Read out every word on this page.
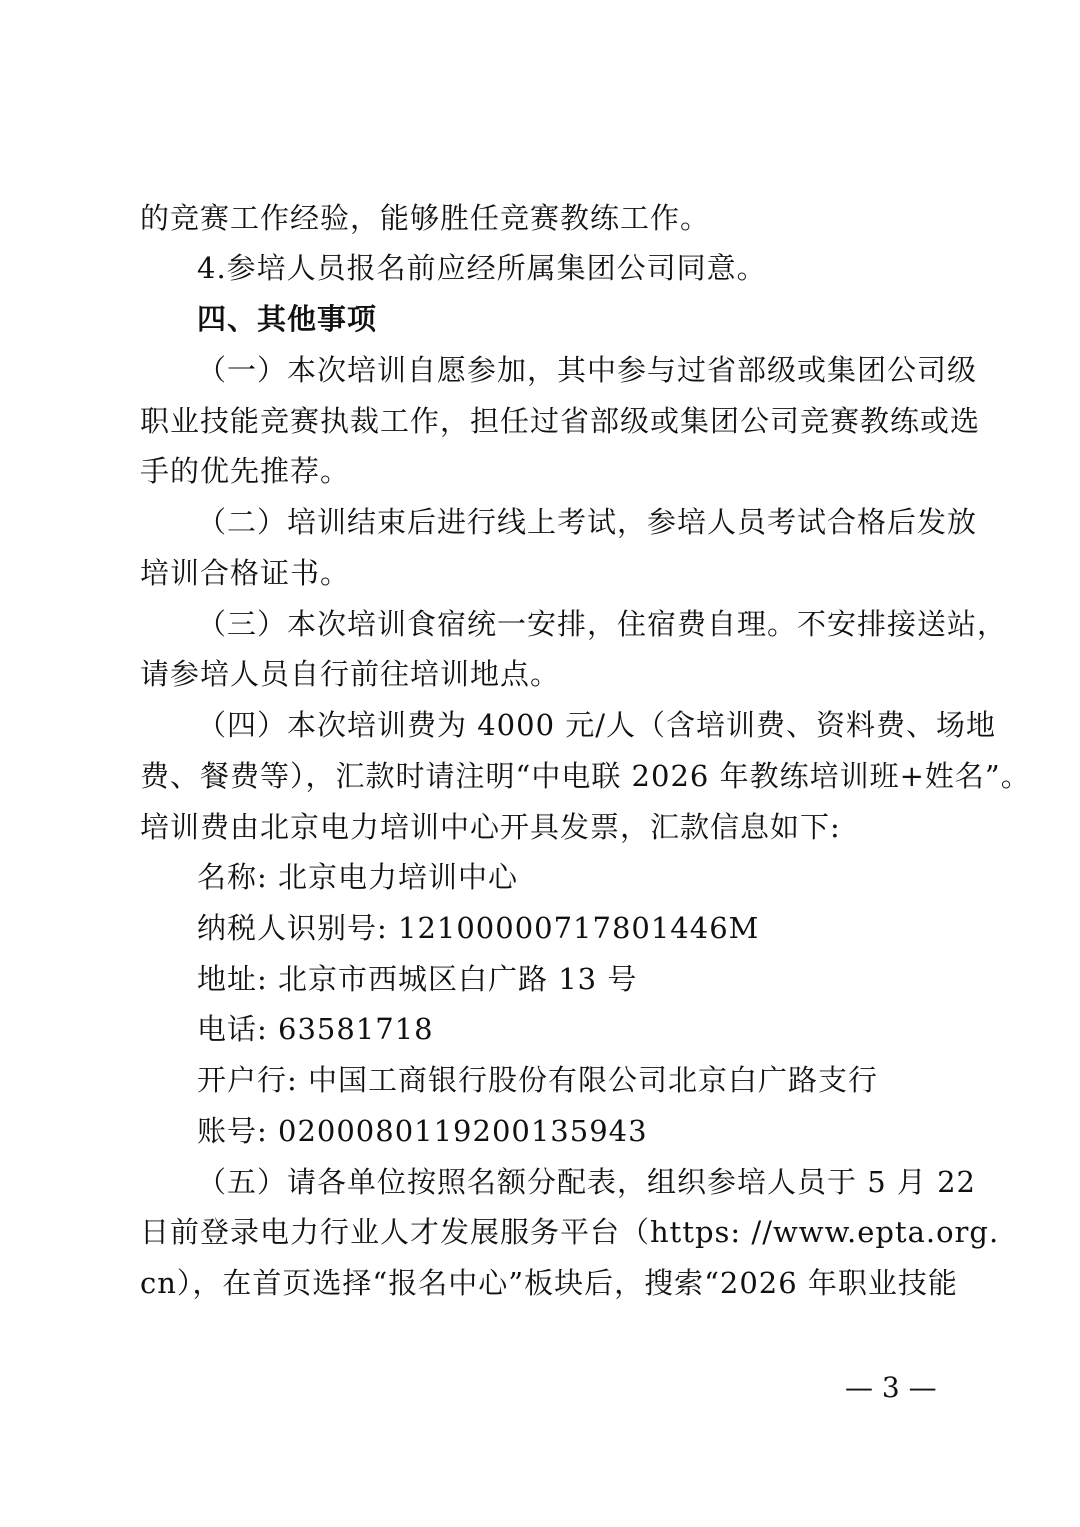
的竞赛工作经验，能够胜任竞赛教练工作。
4.参培人员报名前应经所属集团公司同意。
四、其他事项
（一）本次培训自愿参加，其中参与过省部级或集团公司级
职业技能竞赛执裁工作，担任过省部级或集团公司竞赛教练或选
手的优先推荐。
（二）培训结束后进行线上考试，参培人员考试合格后发放
培训合格证书。
（三）本次培训食宿统一安排，住宿费自理。不安排接送站，
请参培人员自行前往培训地点。
（四）本次培训费为 4000 元/人（含培训费、资料费、场地
费、餐费等），汇款时请注明“中电联 2026 年教练培训班+姓名”。
培训费由北京电力培训中心开具发票，汇款信息如下:
名称: 北京电力培训中心
纳税人识别号: 12100000717801446M
地址: 北京市西城区白广路 13 号
电话: 63581718
开户行: 中国工商银行股份有限公司北京白广路支行
账号: 0200080119200135943
（五）请各单位按照名额分配表，组织参培人员于 5 月 22
日前登录电力行业人才发展服务平台（https: //www.epta.org.
cn），在首页选择“报名中心”板块后，搜索“2026 年职业技能
— 3 —
